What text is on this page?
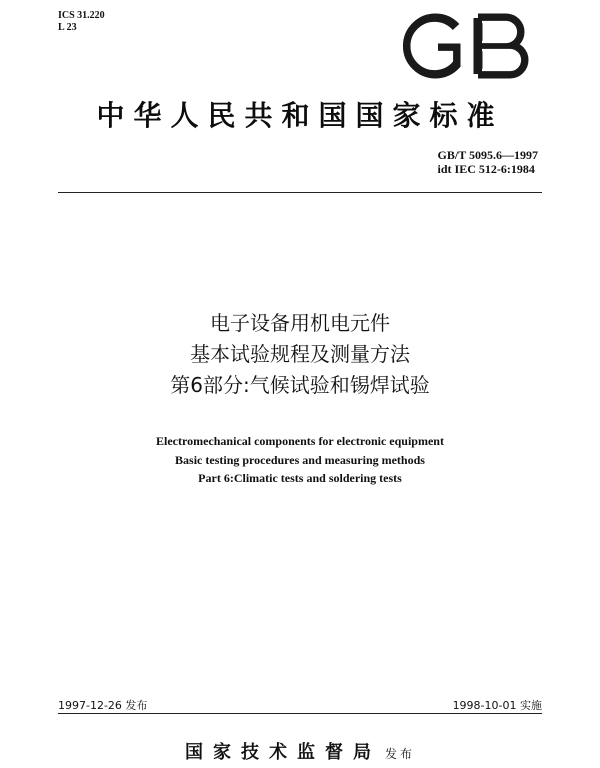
ICS 31.220
L 23
中华人民共和国国家标准
GB/T 5095.6—1997
idt IEC 512-6:1984
电子设备用机电元件
基本试验规程及测量方法
第6部分:气候试验和锡焊试验
Electromechanical components for electronic equipment
Basic testing procedures and measuring methods
Part 6:Climatic tests and soldering tests
1997-12-26 发布	1998-10-01 实施
国家技术监督局 发布
